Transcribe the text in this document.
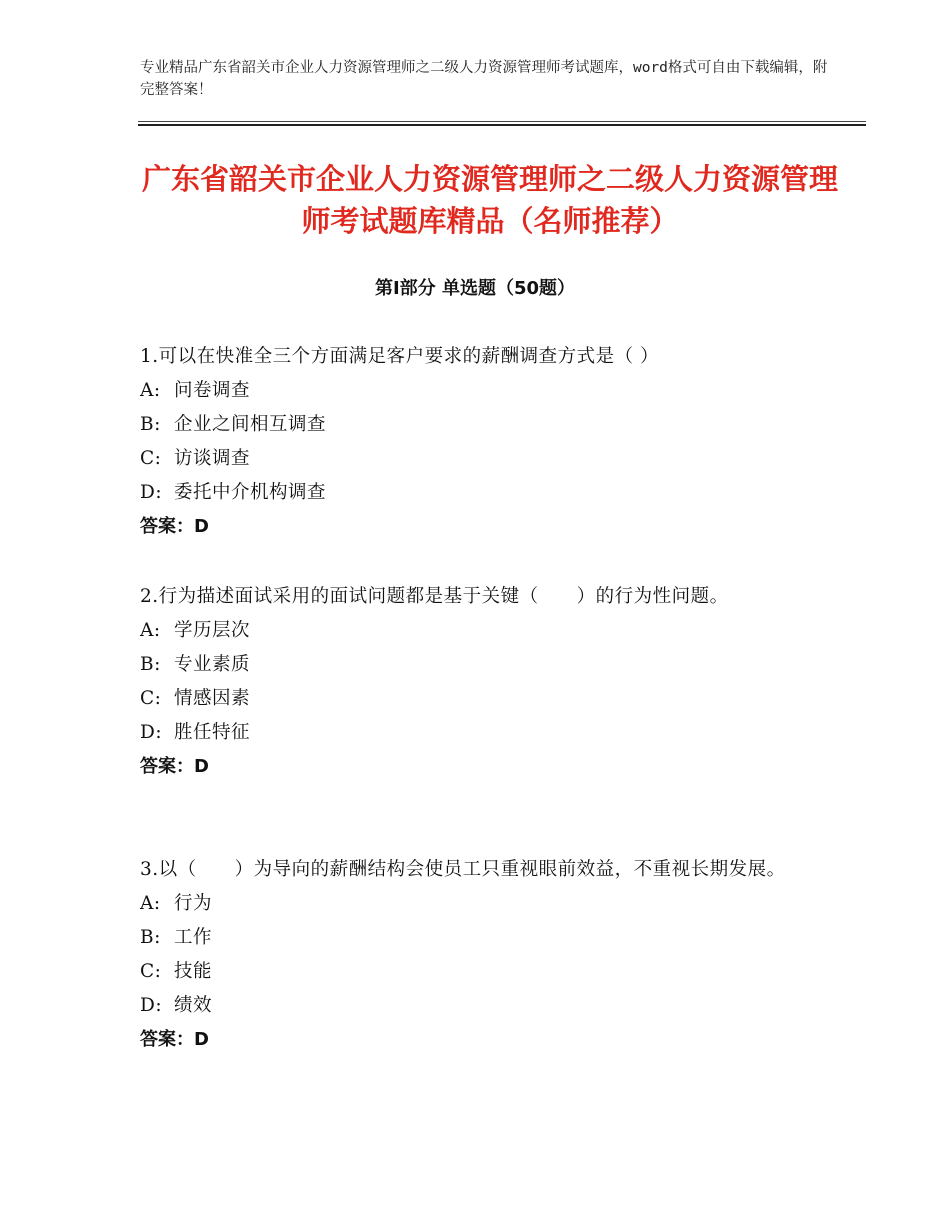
专业精品广东省韶关市企业人力资源管理师之二级人力资源管理师考试题库，word格式可自由下载编辑，附完整答案！
广东省韶关市企业人力资源管理师之二级人力资源管理师考试题库精品（名师推荐）
第Ⅰ部分 单选题（50题）

1.可以在快准全三个方面满足客户要求的薪酬调查方式是（ ）

A: 问卷调查

B: 企业之间相互调查

C: 访谈调查

D: 委托中介机构调查

答案：D

2.行为描述面试采用的面试问题都是基于关键（　　）的行为性问题。

A: 学历层次

B: 专业素质

C: 情感因素

D: 胜任特征

答案：D

3.以（　　）为导向的薪酬结构会使员工只重视眼前效益，不重视长期发展。

A: 行为

B: 工作

C: 技能

D: 绩效

答案：D
